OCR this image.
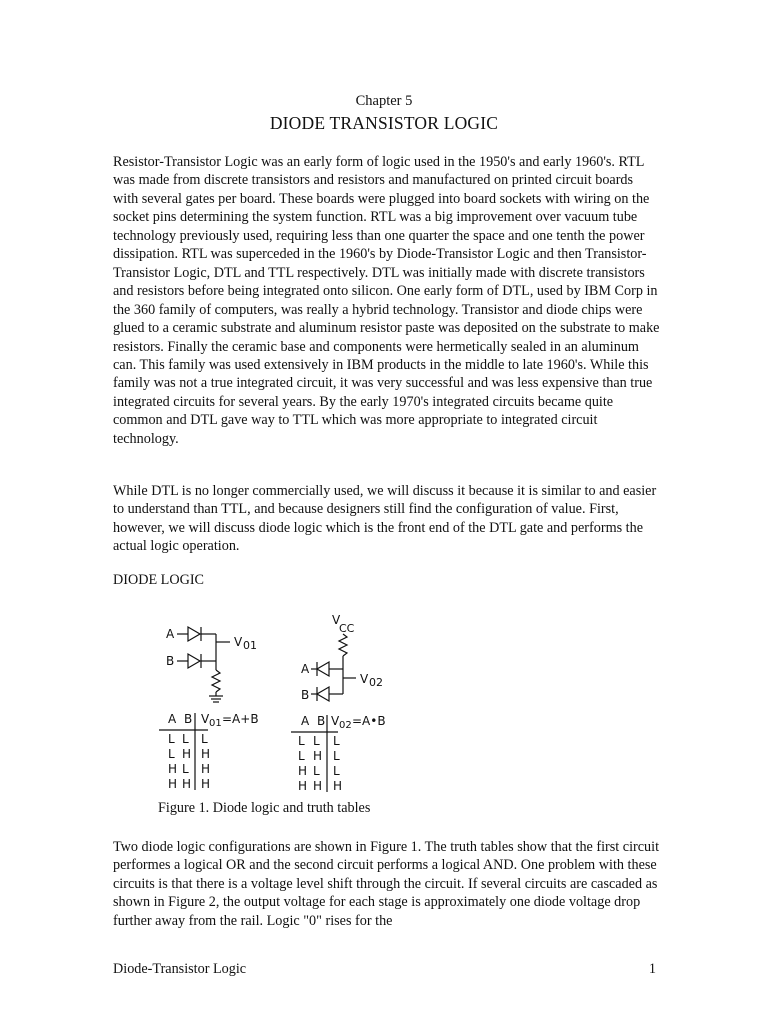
Chapter 5
DIODE TRANSISTOR LOGIC

Resistor-Transistor Logic was an early form of logic used in the 1950's and early 1960's. RTL was made from discrete transistors and resistors and manufactured on printed circuit boards with several gates per board. These boards were plugged into board sockets with wiring on the socket pins determining the system function. RTL was a big improvement over vacuum tube technology previously used, requiring less than one quarter the space and one tenth the power dissipation. RTL was superceded in the 1960's by Diode-Transistor Logic and then Transistor-Transistor Logic, DTL and TTL respectively. DTL was initially made with discrete transistors and resistors before being integrated onto silicon. One early form of DTL, used by IBM Corp in the 360 family of computers, was really a hybrid technology. Transistor and diode chips were glued to a ceramic substrate and aluminum resistor paste was deposited on the substrate to make resistors. Finally the ceramic base and components were hermetically sealed in an aluminum can. This family was used extensively in IBM products in the middle to late 1960's. While this family was not a true integrated circuit, it was very successful and was less expensive than true integrated circuits for several years. By the early 1970's integrated circuits became quite common and DTL gave way to TTL which was more appropriate to integrated circuit technology.

While DTL is no longer commercially used, we will discuss it because it is similar to and easier to understand than TTL, and because designers still find the configuration of value. First, however, we will discuss diode logic which is the front end of the DTL gate and performs the actual logic operation.

DIODE LOGIC
A
B
V 01
V
CC
V 02
A
B
A B V 01 =A+B
L L L
L H H
H L H
H H H
A B V 02 =A•B
L L L
L H L
H L L
H H H
Figure 1. Diode logic and truth tables

Two diode logic configurations are shown in Figure 1. The truth tables show that the first circuit performes a logical OR and the second circuit performs a logical AND. One problem with these circuits is that there is a voltage level shift through the circuit. If several circuits are cascaded as shown in Figure 2, the output voltage for each stage is approximately one diode voltage drop further away from the rail. Logic "0" rises for the

Diode-Transistor Logic	1
